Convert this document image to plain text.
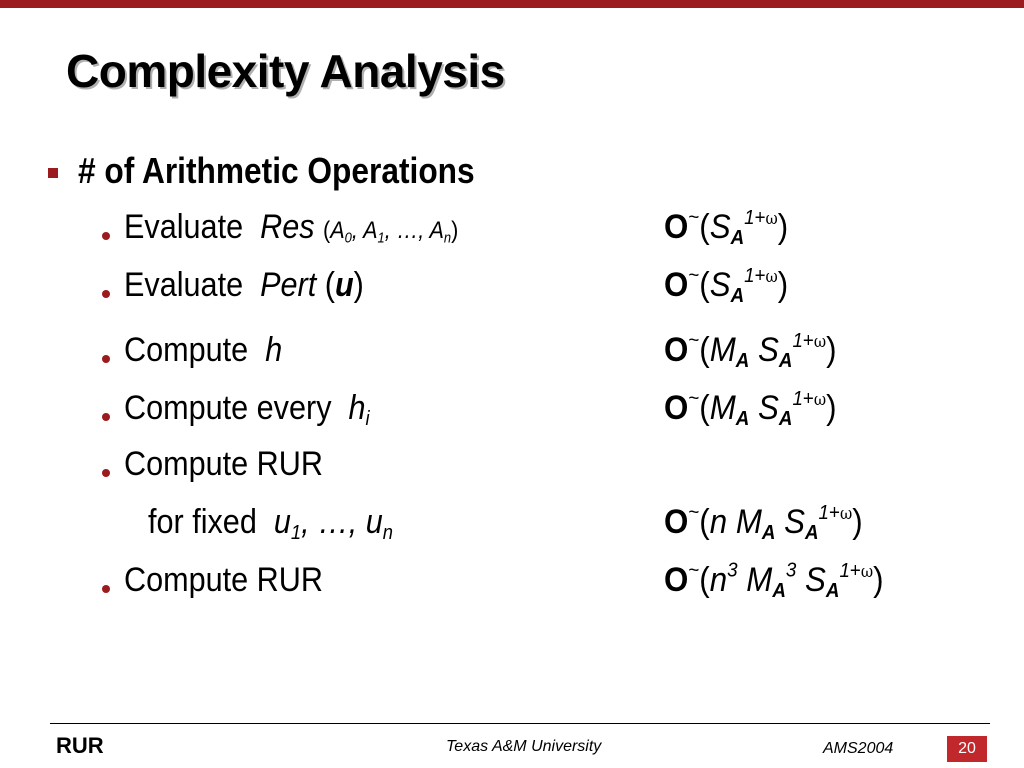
Complexity Analysis
# of Arithmetic Operations
Evaluate Res ($A_0$, $A_1$, …, $A_n$)	$O^\sim(S_A^{1+\omega})$
Evaluate Pert (u)	$O^\sim(S_A^{1+\omega})$
Compute h	$O^\sim(M_A$ $S_A^{1+\omega}$)
Compute every $h_i$	$O^\sim(M_A$ $S_A^{1+\omega}$)
Compute RUR
for fixed $u_1$, …, $u_n$	O~(n $M_A$ $S_A^{1+\omega}$)
Compute RUR	$O^\sim(n^3$ $M_A^3$ $S_A^{1+\omega}$)
RUR	Texas A&M University	AMS2004	20
